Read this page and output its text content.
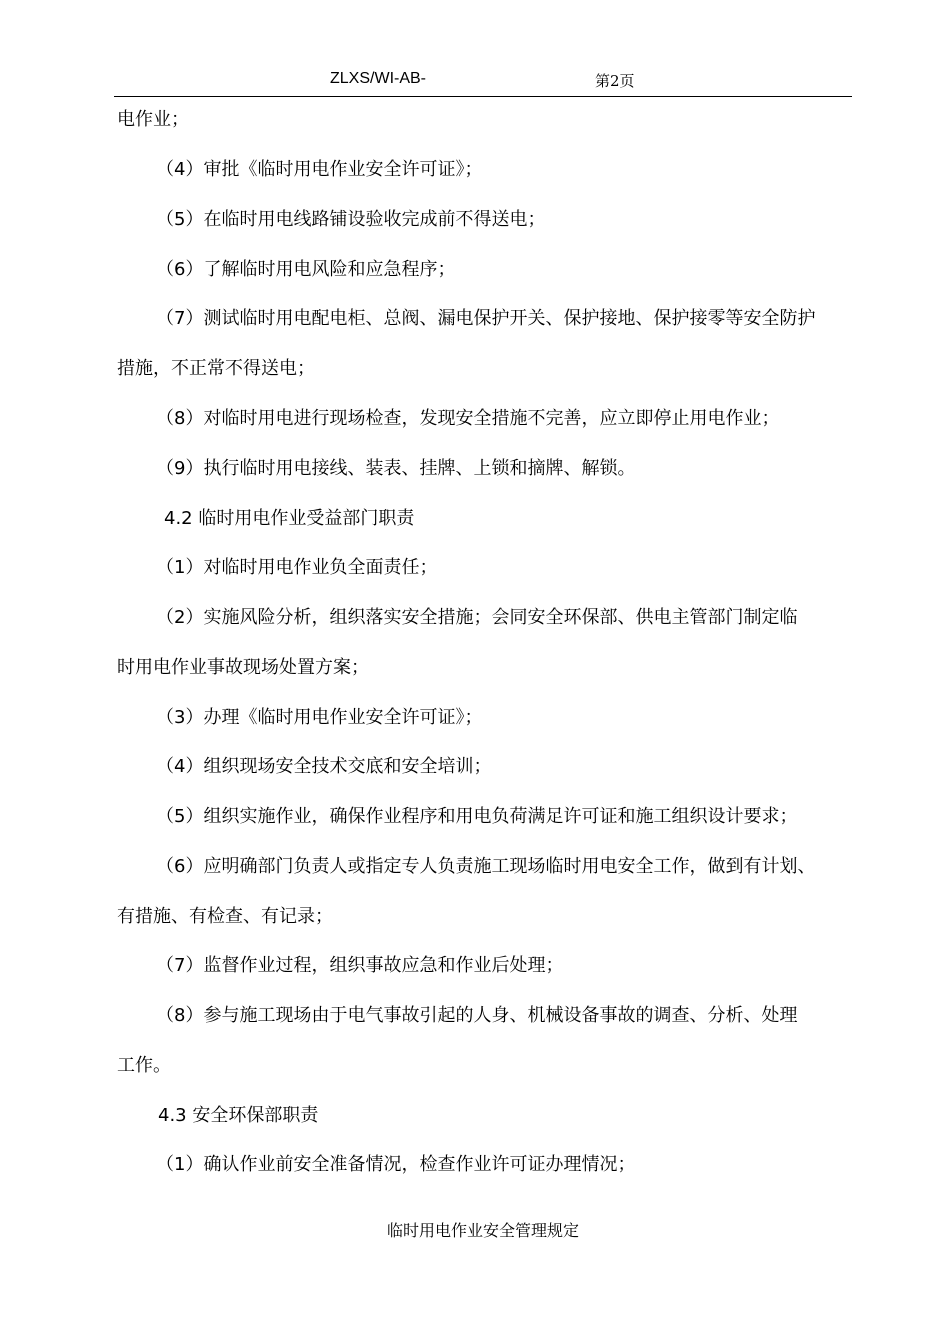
ZLXS/WI-AB-	第2页
电作业；
（4）审批《临时用电作业安全许可证》；
（5）在临时用电线路铺设验收完成前不得送电；
（6）了解临时用电风险和应急程序；
（7）测试临时用电配电柜、总阀、漏电保护开关、保护接地、保护接零等安全防护
措施，不正常不得送电；
（8）对临时用电进行现场检查，发现安全措施不完善，应立即停止用电作业；
（9）执行临时用电接线、装表、挂牌、上锁和摘牌、解锁。
4.2 临时用电作业受益部门职责
（1）对临时用电作业负全面责任；
（2）实施风险分析，组织落实安全措施；会同安全环保部、供电主管部门制定临
时用电作业事故现场处置方案；
（3）办理《临时用电作业安全许可证》；
（4）组织现场安全技术交底和安全培训；
（5）组织实施作业，确保作业程序和用电负荷满足许可证和施工组织设计要求；
（6）应明确部门负责人或指定专人负责施工现场临时用电安全工作，做到有计划、
有措施、有检查、有记录；
（7）监督作业过程，组织事故应急和作业后处理；
（8）参与施工现场由于电气事故引起的人身、机械设备事故的调查、分析、处理
工作。
4.3 安全环保部职责
（1）确认作业前安全准备情况，检查作业许可证办理情况；
临时用电作业安全管理规定
